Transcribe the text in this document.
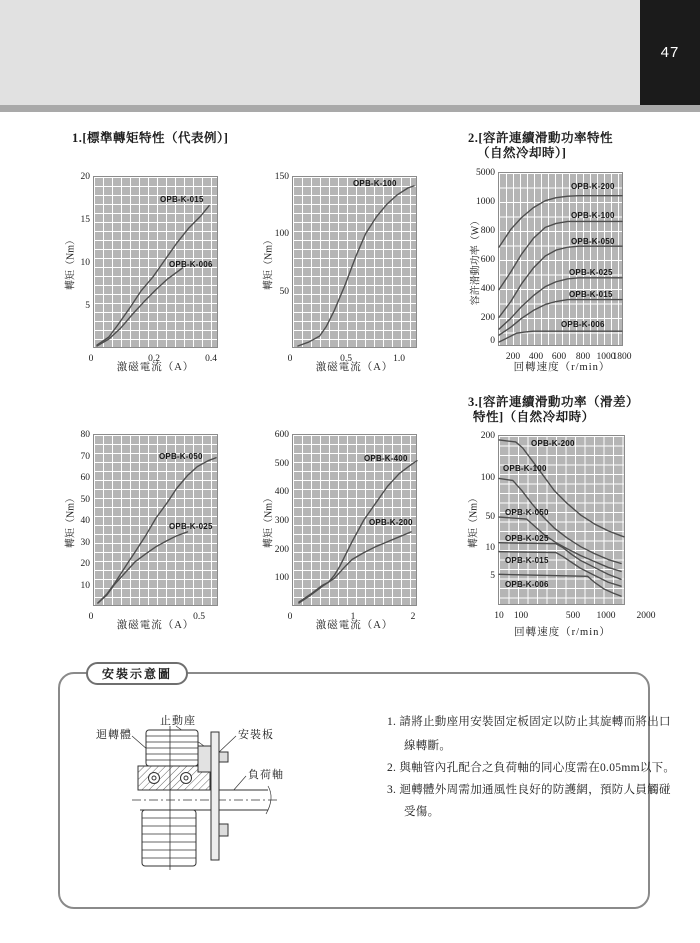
47
1.[標準轉矩特性（代表例）]	2.[容許連續滑動功率特性
（自然冷却時）]
3.[容許連續滑動功率（滑差）
特性]（自然冷却時）
OPB-K-015
OPB-K-006
20
15
10
5
0	0.2	0.4
轉矩（Nm）
激磁電流（A）
OPB-K-100
150
100
50
0	0.5	1.0
轉矩（Nm）
激磁電流（A）
OPB-K-200
OPB-K-100
OPB-K-050
OPB-K-025
OPB-K-015
OPB-K-006
5000
1000
800
600
400
200
0
200 400 600 800 1000
1800
容許滑動功率（W）
回轉速度（r/min）
OPB-K-050
OPB-K-025
80
70
60
50
40
30
20
10
0	0.5
轉矩（Nm）
激磁電流（A）
OPB-K-400
OPB-K-200
600
500
400
300
200
100
0	1	2
轉矩（Nm）
激磁電流（A）
OPB-K-200
OPB-K-100
OPB-K-050
OPB-K-025
OPB-K-015
OPB-K-006
200
100
50
10
5
10 100	500 1000 2000
轉矩（Nm）
回轉速度（r/min）
安裝示意圖
止動座
迴轉體	安裝板
負荷軸
1. 請將止動座用安裝固定板固定以防止其旋轉而將出口
線轉斷。
2. 與軸管內孔配合之負荷軸的同心度需在0.05mm以下。
3. 迴轉體外周需加通風性良好的防護網，預防人員觸碰
受傷。
